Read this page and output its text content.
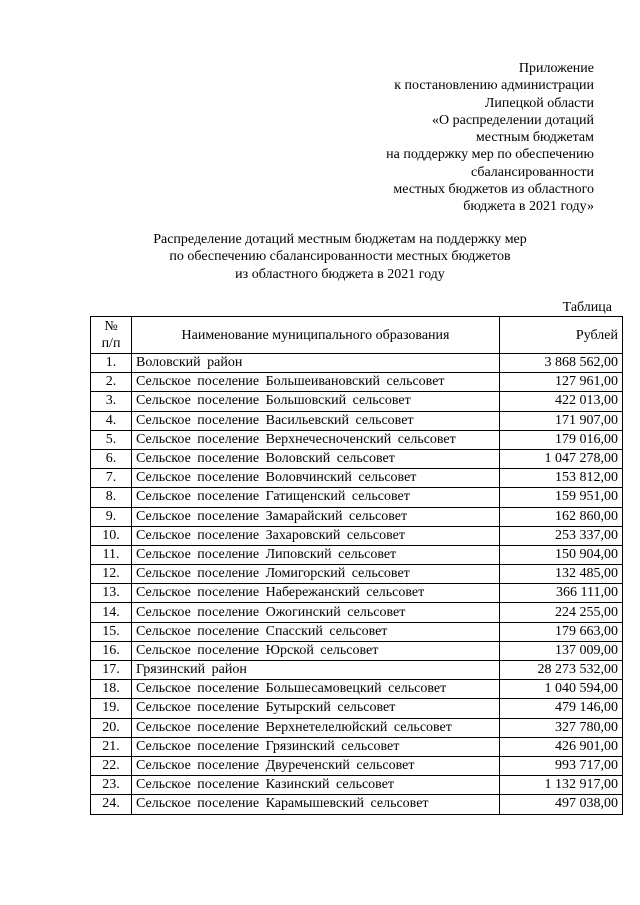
Приложение
к постановлению администрации
Липецкой области
«О распределении дотаций
местным бюджетам
на поддержку мер по обеспечению
сбалансированности
местных бюджетов из областного
бюджета в 2021 году»
Распределение дотаций местным бюджетам на поддержку мер
по обеспечению сбалансированности местных бюджетов
из областного бюджета в 2021 году
Таблица
№
п/п	Наименование муниципального образования	Рублей
1.	Воловский район	3 868 562,00
2.	Сельское поселение Большеивановский сельсовет	127 961,00
3.	Сельское поселение Большовский сельсовет	422 013,00
4.	Сельское поселение Васильевский сельсовет	171 907,00
5.	Сельское поселение Верхнечесноченский сельсовет	179 016,00
6.	Сельское поселение Воловский сельсовет	1 047 278,00
7.	Сельское поселение Воловчинский сельсовет	153 812,00
8.	Сельское поселение Гатищенский сельсовет	159 951,00
9.	Сельское поселение Замарайский сельсовет	162 860,00
10.	Сельское поселение Захаровский сельсовет	253 337,00
11.	Сельское поселение Липовский сельсовет	150 904,00
12.	Сельское поселение Ломигорский сельсовет	132 485,00
13.	Сельское поселение Набережанский сельсовет	366 111,00
14.	Сельское поселение Ожогинский сельсовет	224 255,00
15.	Сельское поселение Спасский сельсовет	179 663,00
16.	Сельское поселение Юрской сельсовет	137 009,00
17.	Грязинский район	28 273 532,00
18.	Сельское поселение Большесамовецкий сельсовет	1 040 594,00
19.	Сельское поселение Бутырский сельсовет	479 146,00
20.	Сельское поселение Верхнетелелюйский сельсовет	327 780,00
21.	Сельское поселение Грязинский сельсовет	426 901,00
22.	Сельское поселение Двуреченский сельсовет	993 717,00
23.	Сельское поселение Казинский сельсовет	1 132 917,00
24.	Сельское поселение Карамышевский сельсовет	497 038,00
